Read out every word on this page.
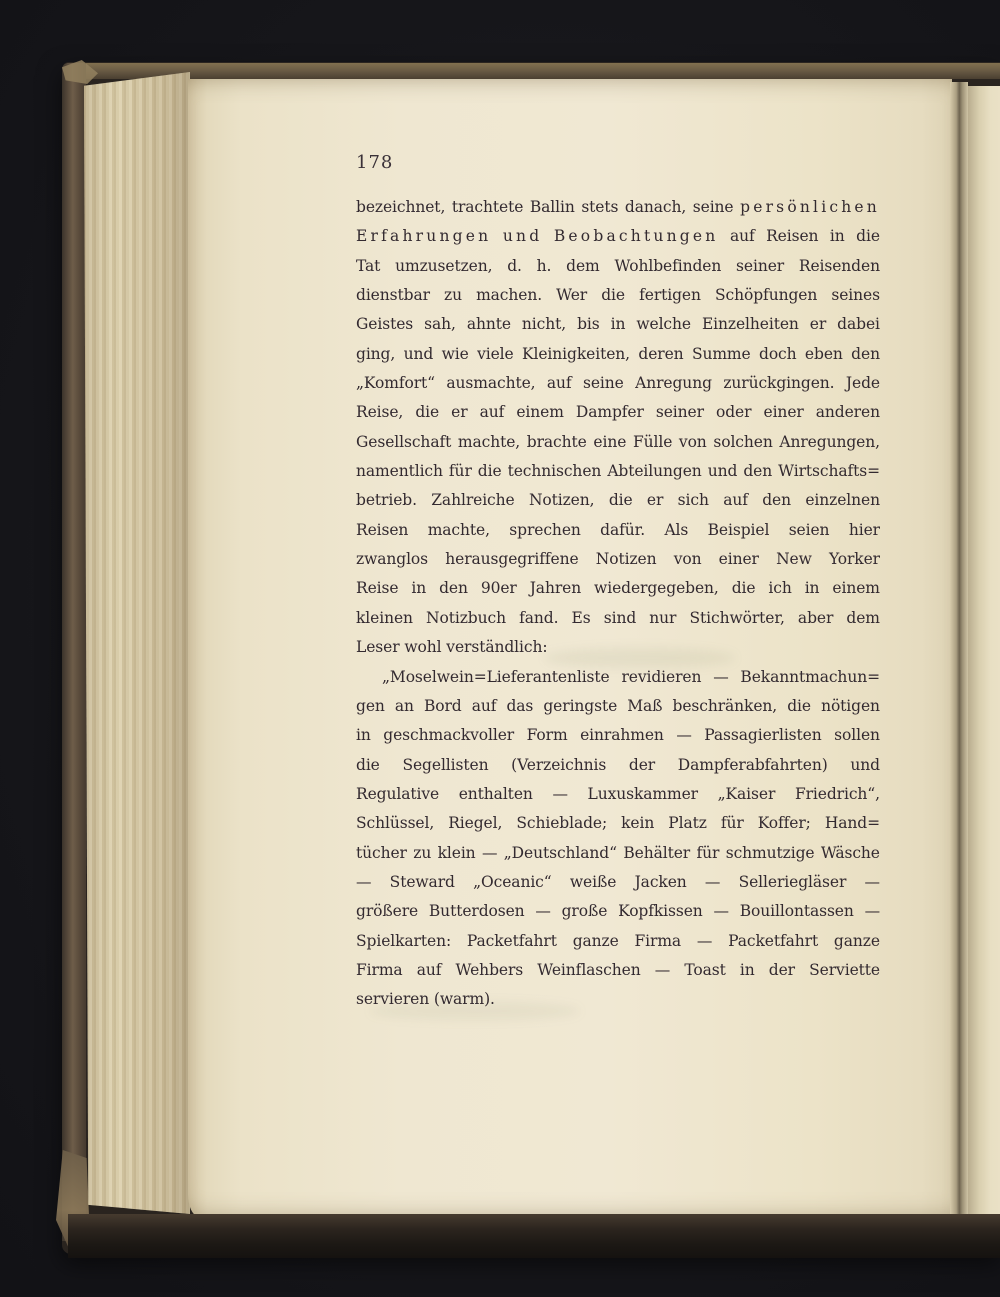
178
bezeichnet, trachtete Ballin stets danach, seine persönlichen
Erfahrungen und Beobachtungen auf Reisen in die
Tat umzusetzen, d. h. dem Wohlbefinden seiner Reisenden
dienstbar zu machen. Wer die fertigen Schöpfungen seines
Geistes sah, ahnte nicht, bis in welche Einzelheiten er dabei
ging, und wie viele Kleinigkeiten, deren Summe doch eben den
„Komfort“ ausmachte, auf seine Anregung zurückgingen. Jede
Reise, die er auf einem Dampfer seiner oder einer anderen
Gesellschaft machte, brachte eine Fülle von solchen Anregungen,
namentlich für die technischen Abteilungen und den Wirtschafts=
betrieb. Zahlreiche Notizen, die er sich auf den einzelnen
Reisen machte, sprechen dafür. Als Beispiel seien hier
zwanglos herausgegriffene Notizen von einer New Yorker
Reise in den 90er Jahren wiedergegeben, die ich in einem
kleinen Notizbuch fand. Es sind nur Stichwörter, aber dem
Leser wohl verständlich:
„Moselwein=Lieferantenliste revidieren — Bekanntmachun=
gen an Bord auf das geringste Maß beschränken, die nötigen
in geschmackvoller Form einrahmen — Passagierlisten sollen
die Segellisten (Verzeichnis der Dampferabfahrten) und
Regulative enthalten — Luxuskammer „Kaiser Friedrich“,
Schlüssel, Riegel, Schieblade; kein Platz für Koffer; Hand=
tücher zu klein — „Deutschland“ Behälter für schmutzige Wäsche
— Steward „Oceanic“ weiße Jacken — Selleriegläser —
größere Butterdosen — große Kopfkissen — Bouillontassen —
Spielkarten: Packetfahrt ganze Firma — Packetfahrt ganze
Firma auf Wehbers Weinflaschen — Toast in der Serviette
servieren (warm).
